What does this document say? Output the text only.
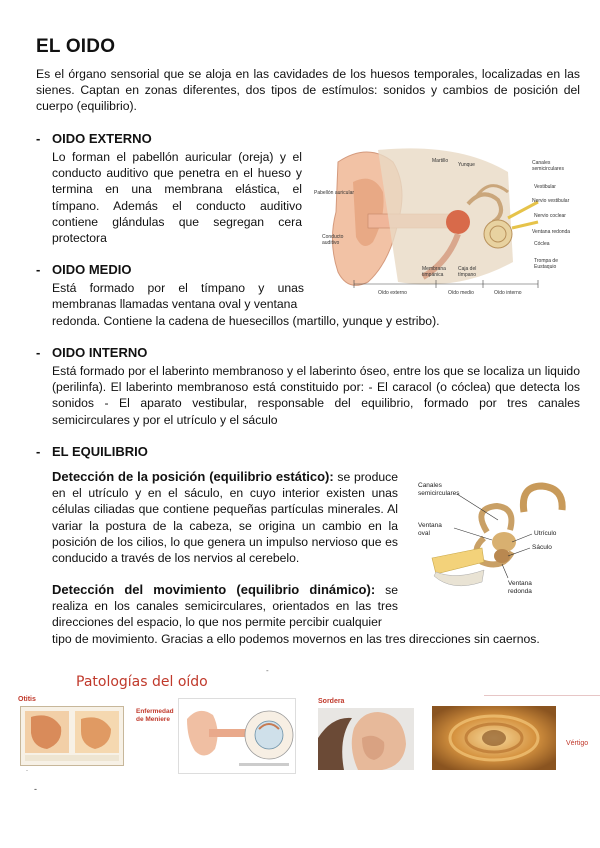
EL OIDO

Es el órgano sensorial que se aloja en las cavidades de los huesos temporales, localizadas en las sienes. Captan en zonas diferentes, dos tipos de estímulos: sonidos y cambios de posición del cuerpo (equilibrio).

- OIDO EXTERNO

Lo forman el pabellón auricular (oreja) y el conducto auditivo que penetra en el hueso y termina en una membrana elástica, el tímpano. Además el conducto auditivo contiene glándulas que segregan cera protectora

Martillo
Yunque	Canales semicirculares
Vestibular
Nervio vestibular
Nervio coclear
Ventana redonda
Cóclea
Trompa de Eustaquio
Pabellón auricular
Conducto auditivo
Membrana timpánica
Caja del tímpano
Oído externo	Oído medio	Oído interno
- OIDO MEDIO

Está formado por el tímpano y unas membranas llamadas ventana oval y ventana

redonda. Contiene la cadena de huesecillos (martillo, yunque y estribo).

- OIDO INTERNO

Está formado por el laberinto membranoso y el laberinto óseo, entre los que se localiza un liquido (perilinfa). El laberinto membranoso está constituido por: - El caracol (o cóclea) que detecta los sonidos - El aparato vestibular, responsable del equilibrio, formado por tres canales semicirculares y por el utrículo y el sáculo

- EL EQUILIBRIO

Detección de la posición (equilibrio estático): se produce en el utrículo y en el sáculo, en cuyo interior existen unas células ciliadas que contiene pequeñas partículas minerales. Al variar la postura de la cabeza, se origina un cambio en la posición de los cilios, lo que genera un impulso nervioso que es conducido a través de los nervios al cerebelo.

Detección del movimiento (equilibrio dinámico): se realiza en los canales semicirculares, orientados en las tres direcciones del espacio, lo que nos permite percibir cualquier

tipo de movimiento. Gracias a ello podemos movernos en las tres direcciones sin caernos.

Canales semicirculares
Ventana oval	Utrículo
Sáculo
Ventana redonda
-
Patologías del oído
Otitis
Enfermedad de Meniere
Sordera
Vértigo
-
-
